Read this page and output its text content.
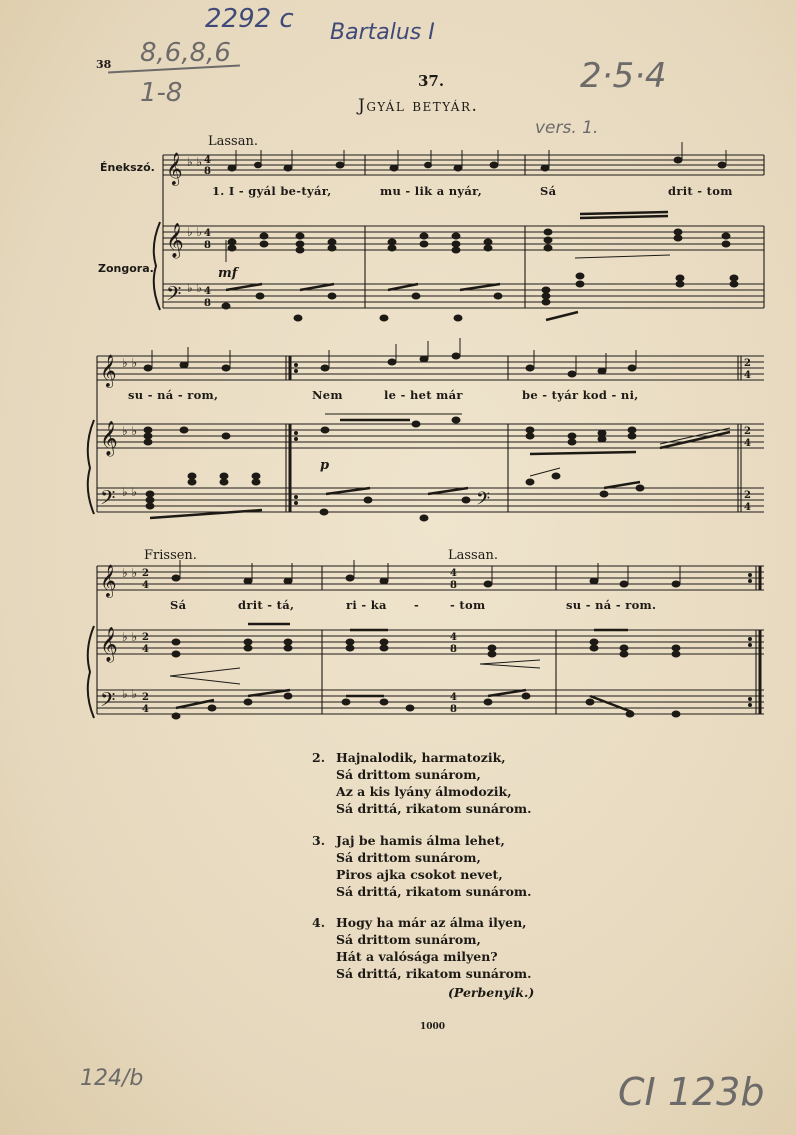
2292 c Bartalus I
8,6,8,6
1-8	2·5·4
vers. 1.
124/b	CI 123b
38
37.
Jgyál betyár.
Énekszó.
Zongora.
Lassan.
Frissen.	Lassan.
mf
p
1. I - gyál be-tyár,	mu - lik a nyár,	Sá	drit - tom
su - ná - rom,	Nem	le - het már	be - tyár kod - ni,
Sá	drit - tá,	ri - ka -	- tom	su - ná - rom.
𝄞
𝄞
𝄢
♭ ♭
♭ ♭
♭ ♭
4
8
4
8
4
8
𝄞
𝄞
𝄢
♭ ♭
♭ ♭
♭ ♭
2
4
2
4
2
4
𝄢
𝄞
𝄞
𝄢
♭ ♭
♭ ♭
♭ ♭
2
4
2
4
2
4
4
8
4
8
4
8
2. Hajnalodik, harmatozik,
Sá drittom sunárom,
Az a kis lyány álmodozik,
Sá drittá, rikatom sunárom.
3. Jaj be hamis álma lehet,
Sá drittom sunárom,
Piros ajka csokot nevet,
Sá drittá, rikatom sunárom.
4. Hogy ha már az álma ilyen,
Sá drittom sunárom,
Hát a valósága milyen?
Sá drittá, rikatom sunárom.
(Perbenyik.)
1000
